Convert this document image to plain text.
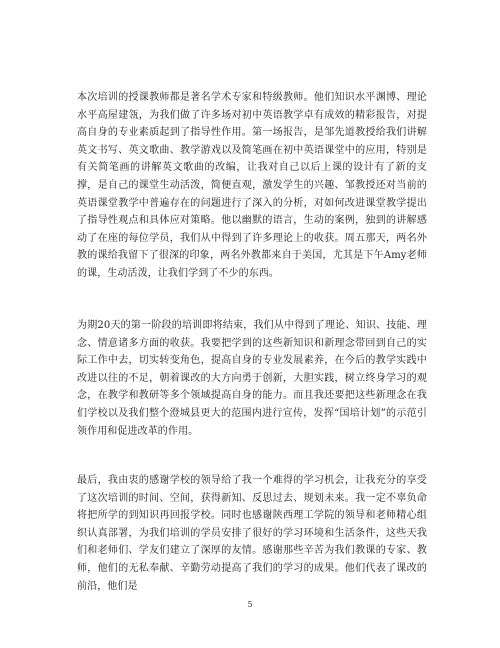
本次培训的授课教师都是著名学术专家和特级教师。他们知识水平渊博、理论水平高屋建瓴，为我们做了许多场对初中英语教学卓有成效的精彩报告，对提高自身的专业素质起到了指导性作用。第一场报告，是邹先道教授给我们讲解英文书写、英文歌曲、教学游戏以及简笔画在初中英语课堂中的应用，特别是有关简笔画的讲解英文歌曲的改编，让我对自己以后上课的设计有了新的支撑，是自己的课堂生动活泼，简便直观，激发学生的兴趣、邹教授还对当前的英语课堂教学中普遍存在的问题进行了深入的分析，对如何改进课堂教学提出了指导性观点和具体应对策略。他以幽默的语言，生动的案例，独到的讲解感动了在座的每位学员，我们从中得到了许多理论上的收获。周五那天，两名外教的课给我留下了很深的印象，两名外教都来自于美国，尤其是下午Amy老师的课，生动活泼，让我们学到了不少的东西。

为期20天的第一阶段的培训即将结束，我们从中得到了理论、知识、技能、理念、情意诸多方面的收获。我要把学到的这些新知识和新理念带回到自己的实际工作中去，切实转变角色，提高自身的专业发展素养，在今后的教学实践中改进以往的不足，朝着课改的大方向勇于创新，大胆实践，树立终身学习的观念，在教学和教研等多个领域提高自身的能力。而且我还要把这些新理念在我们学校以及我们整个澄城县更大的范围内进行宣传，发挥“国培计划”的示范引领作用和促进改革的作用。

最后，我由衷的感谢学校的领导给了我一个难得的学习机会，让我充分的享受了这次培训的时间、空间，获得新知、反思过去、规划未来。我一定不辜负命将把所学的到知识再回报学校。同时也感谢陕西理工学院的领导和老师精心组织认真部署，为我们培训的学员安排了很好的学习环境和生活条件，这些天我们和老师们、学友们建立了深厚的友情。感谢那些辛苦为我们教课的专家、教师，他们的无私奉献、辛勤劳动提高了我们的学习的成果。他们代表了课改的前沿，他们是

5
